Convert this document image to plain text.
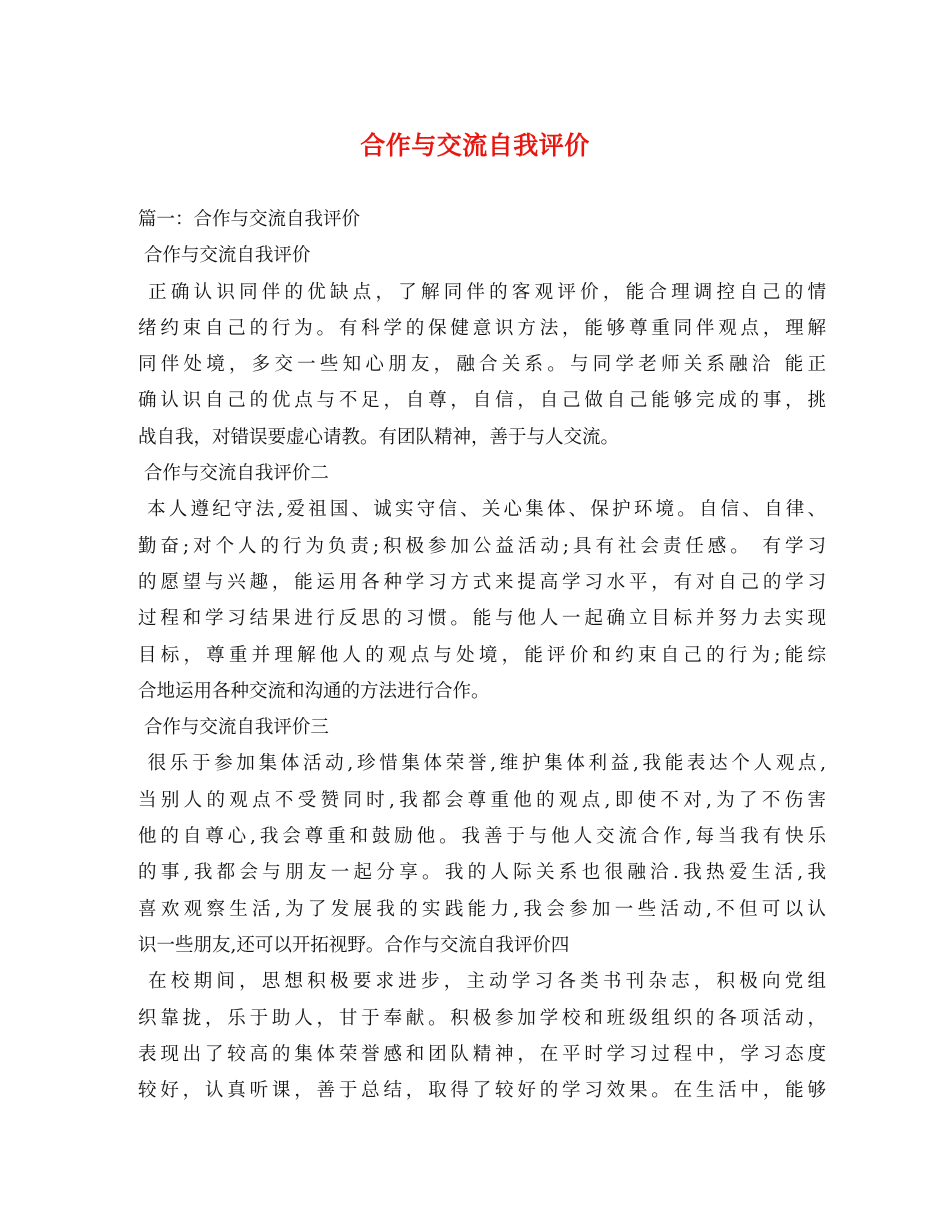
合作与交流自我评价
篇一：合作与交流自我评价
合作与交流自我评价
正确认识同伴的优缺点，了解同伴的客观评价，能合理调控自己的情
绪约束自己的行为。有科学的保健意识方法，能够尊重同伴观点，理解
同伴处境，多交一些知心朋友，融合关系。与同学老师关系融洽 能正
确认识自己的优点与不足，自尊，自信，自己做自己能够完成的事，挑
战自我，对错误要虚心请教。有团队精神，善于与人交流。
合作与交流自我评价二
本人遵纪守法,爱祖国、诚实守信、关心集体、保护环境。自信、自律、
勤奋;对个人的行为负责;积极参加公益活动;具有社会责任感。 有学习
的愿望与兴趣，能运用各种学习方式来提高学习水平，有对自己的学习
过程和学习结果进行反思的习惯。能与他人一起确立目标并努力去实现
目标，尊重并理解他人的观点与处境，能评价和约束自己的行为;能综
合地运用各种交流和沟通的方法进行合作。
合作与交流自我评价三
很乐于参加集体活动,珍惜集体荣誉,维护集体利益,我能表达个人观点,
当别人的观点不受赞同时,我都会尊重他的观点,即使不对,为了不伤害
他的自尊心,我会尊重和鼓励他。我善于与他人交流合作,每当我有快乐
的事,我都会与朋友一起分享。我的人际关系也很融洽.我热爱生活,我
喜欢观察生活,为了发展我的实践能力,我会参加一些活动,不但可以认
识一些朋友,还可以开拓视野。合作与交流自我评价四
在校期间，思想积极要求进步，主动学习各类书刊杂志，积极向党组
织靠拢，乐于助人，甘于奉献。积极参加学校和班级组织的各项活动，
表现出了较高的集体荣誉感和团队精神，在平时学习过程中，学习态度
较好，认真听课，善于总结，取得了较好的学习效果。在生活中，能够
